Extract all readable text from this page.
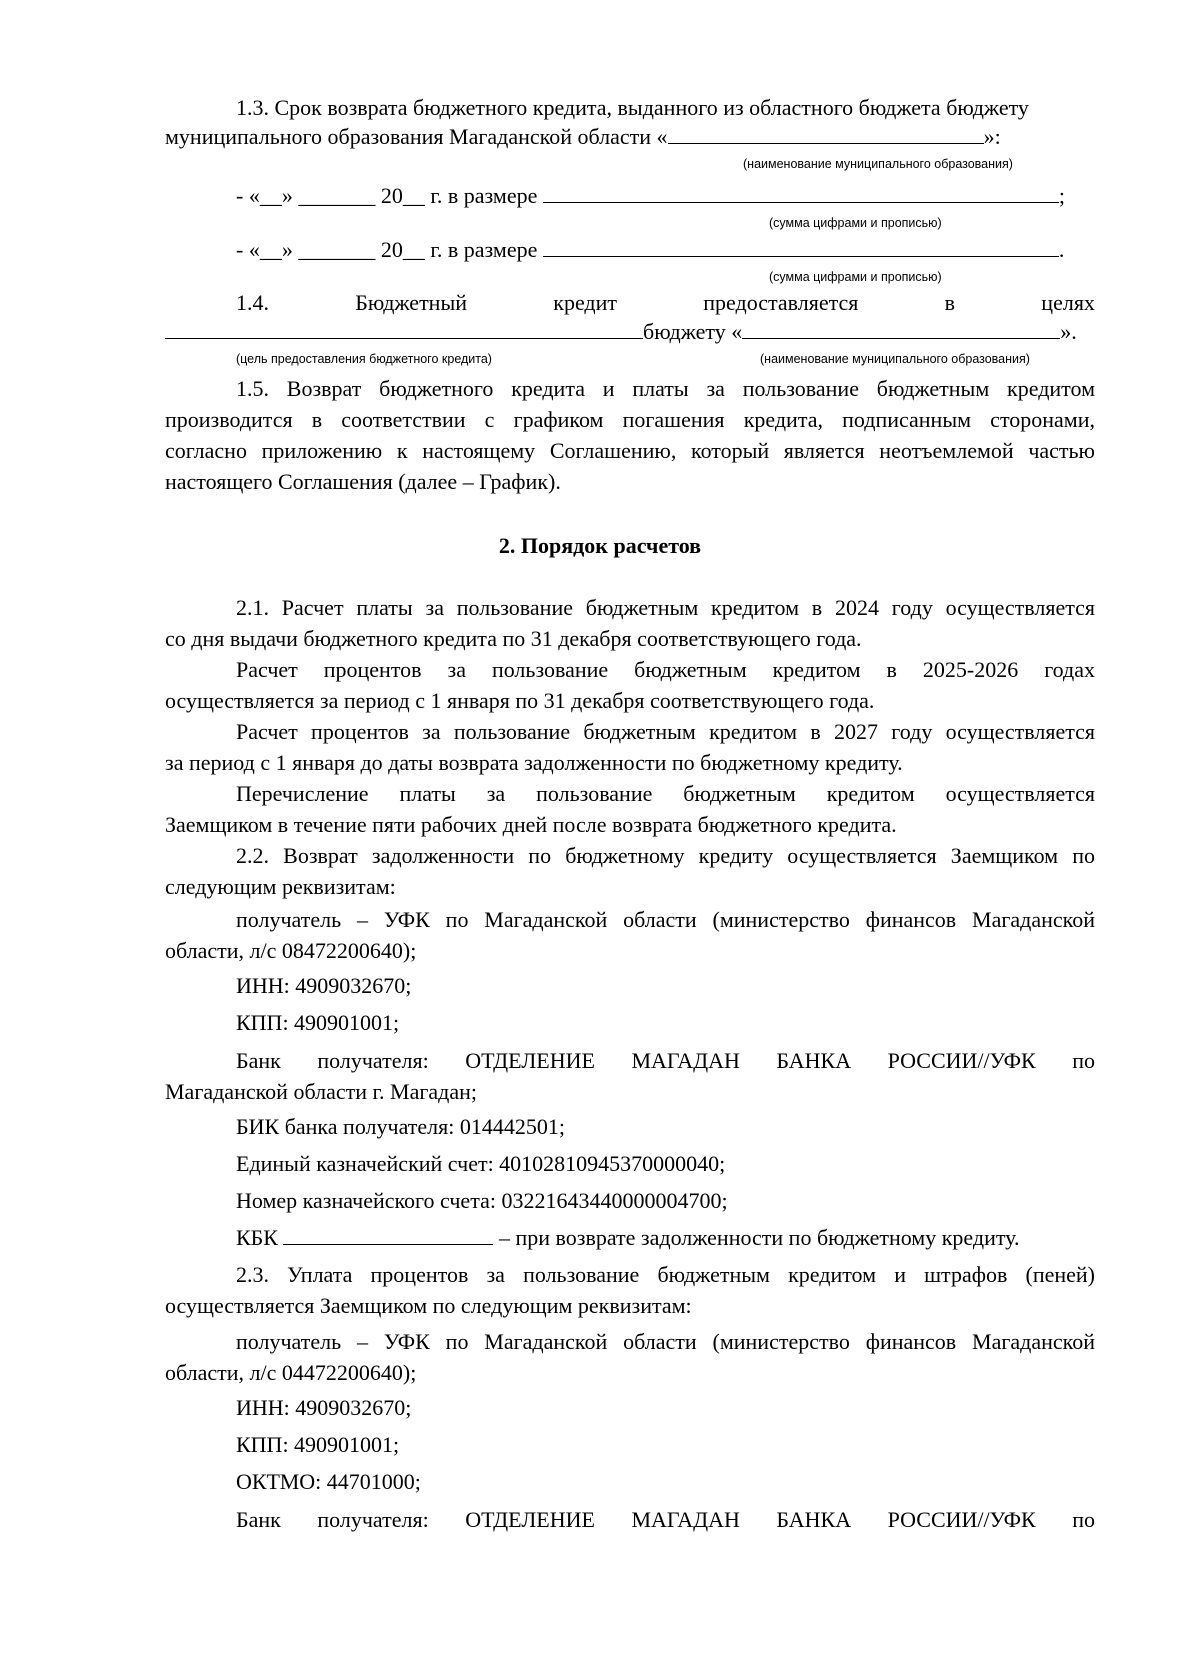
1.3. Срок возврата бюджетного кредита, выданного из областного бюджета бюджету
муниципального образования Магаданской области «	»:
(наименование муниципального образования)
- «__» _______ 20__ г. в размере	;
(сумма цифрами и прописью)
- «__» _______ 20__ г. в размере	.
(сумма цифрами и прописью)
1.4.	Бюджетный	кредит	предоставляется	в	целях
бюджету «	».
(цель предоставления бюджетного кредита)	(наименование муниципального образования)
1.5. Возврат бюджетного кредита и платы за пользование бюджетным кредитом
производится в соответствии с графиком погашения кредита, подписанным сторонами,
согласно приложению к настоящему Соглашению, который является неотъемлемой частью
настоящего Соглашения (далее – График).
2. Порядок расчетов
2.1. Расчет платы за пользование бюджетным кредитом в 2024 году осуществляется
со дня выдачи бюджетного кредита по 31 декабря соответствующего года.
Расчет процентов за пользование бюджетным кредитом в 2025-2026 годах
осуществляется за период с 1 января по 31 декабря соответствующего года.
Расчет процентов за пользование бюджетным кредитом в 2027 году осуществляется
за период с 1 января до даты возврата задолженности по бюджетному кредиту.
Перечисление платы за пользование бюджетным кредитом осуществляется
Заемщиком в течение пяти рабочих дней после возврата бюджетного кредита.
2.2. Возврат задолженности по бюджетному кредиту осуществляется Заемщиком по
следующим реквизитам:
получатель – УФК по Магаданской области (министерство финансов Магаданской
области, л/с 08472200640);
ИНН: 4909032670;
КПП: 490901001;
Банк получателя: ОТДЕЛЕНИЕ МАГАДАН БАНКА РОССИИ//УФК по
Магаданской области г. Магадан;
БИК банка получателя: 014442501;
Единый казначейский счет: 40102810945370000040;
Номер казначейского счета: 03221643440000004700;
КБК	– при возврате задолженности по бюджетному кредиту.
2.3. Уплата процентов за пользование бюджетным кредитом и штрафов (пеней)
осуществляется Заемщиком по следующим реквизитам:
получатель – УФК по Магаданской области (министерство финансов Магаданской
области, л/с 04472200640);
ИНН: 4909032670;
КПП: 490901001;
ОКТМО: 44701000;
Банк получателя: ОТДЕЛЕНИЕ МАГАДАН БАНКА РОССИИ//УФК по
